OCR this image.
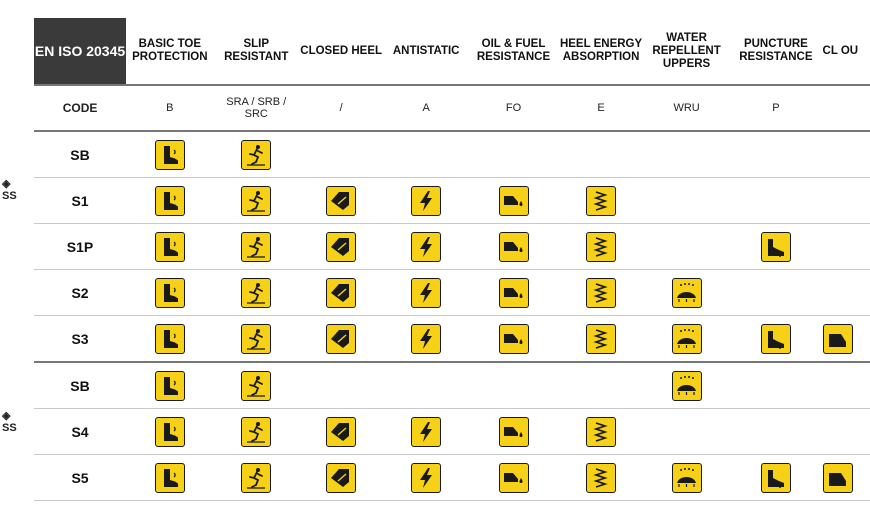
◈
SS
◈
SS
EN ISO 20345	BASIC TOE PROTECTION	SLIP RESISTANT	CLOSED HEEL	ANTISTATIC	OIL & FUEL RESISTANCE	HEEL ENERGY ABSORPTION	WATER REPELLENT UPPERS	PUNCTURE RESISTANCE	CL OU
CODE	B	SRA / SRB / SRC	/	A	FO	E	WRU	P	
SB	

S1	

S1P	

S2	

S3	

SB	

S4	

S5	
